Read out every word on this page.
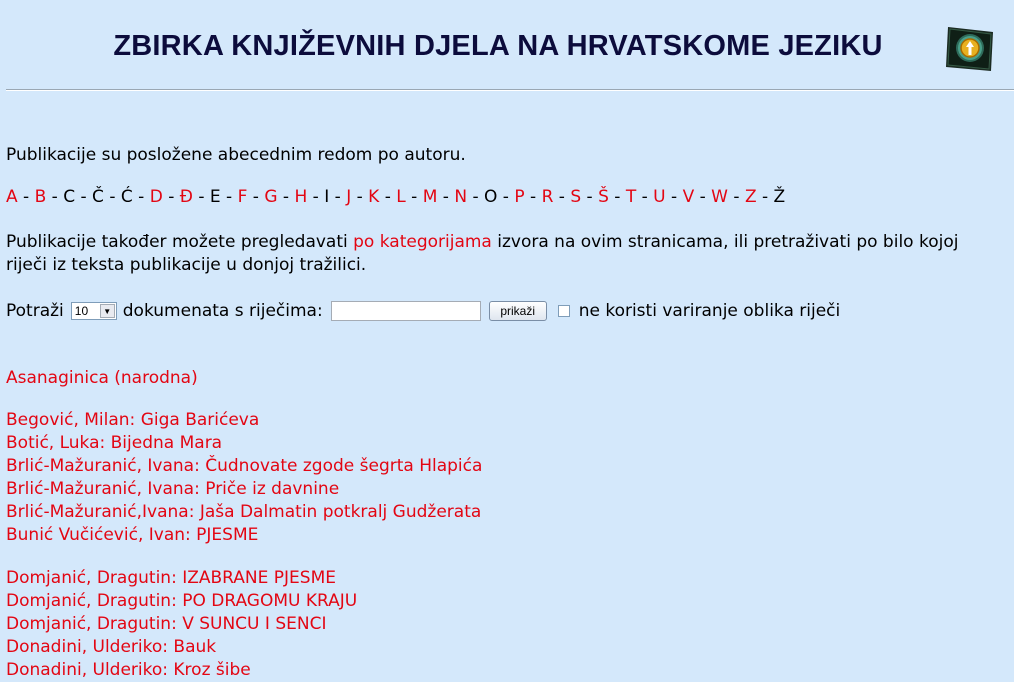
ZBIRKA KNJIŽEVNIH DJELA NA HRVATSKOME JEZIKU

Publikacije su posložene abecednim redom po autoru.

A - B - C - Č - Ć - D - Đ - E - F - G - H - I - J - K - L - M - N - O - P - R - S - Š - T - U - V - W - Z - Ž

Publikacije također možete pregledavati po kategorijama izvora na ovim stranicama, ili pretraživati po bilo kojoj
riječi iz teksta publikacije u donjoj tražilici.

Potraži 10	▼ dokumenata s riječima:	prikaži	ne koristi variranje oblika riječi
Asanaginica (narodna)
Begović, Milan: Giga Barićeva
Botić, Luka: Bijedna Mara
Brlić-Mažuranić, Ivana: Čudnovate zgode šegrta Hlapića
Brlić-Mažuranić, Ivana: Priče iz davnine
Brlić-Mažuranić,Ivana: Jaša Dalmatin potkralj Gudžerata
Bunić Vučićević, Ivan: PJESME
Domjanić, Dragutin: IZABRANE PJESME
Domjanić, Dragutin: PO DRAGOMU KRAJU
Domjanić, Dragutin: V SUNCU I SENCI
Donadini, Ulderiko: Bauk
Donadini, Ulderiko: Kroz šibe
